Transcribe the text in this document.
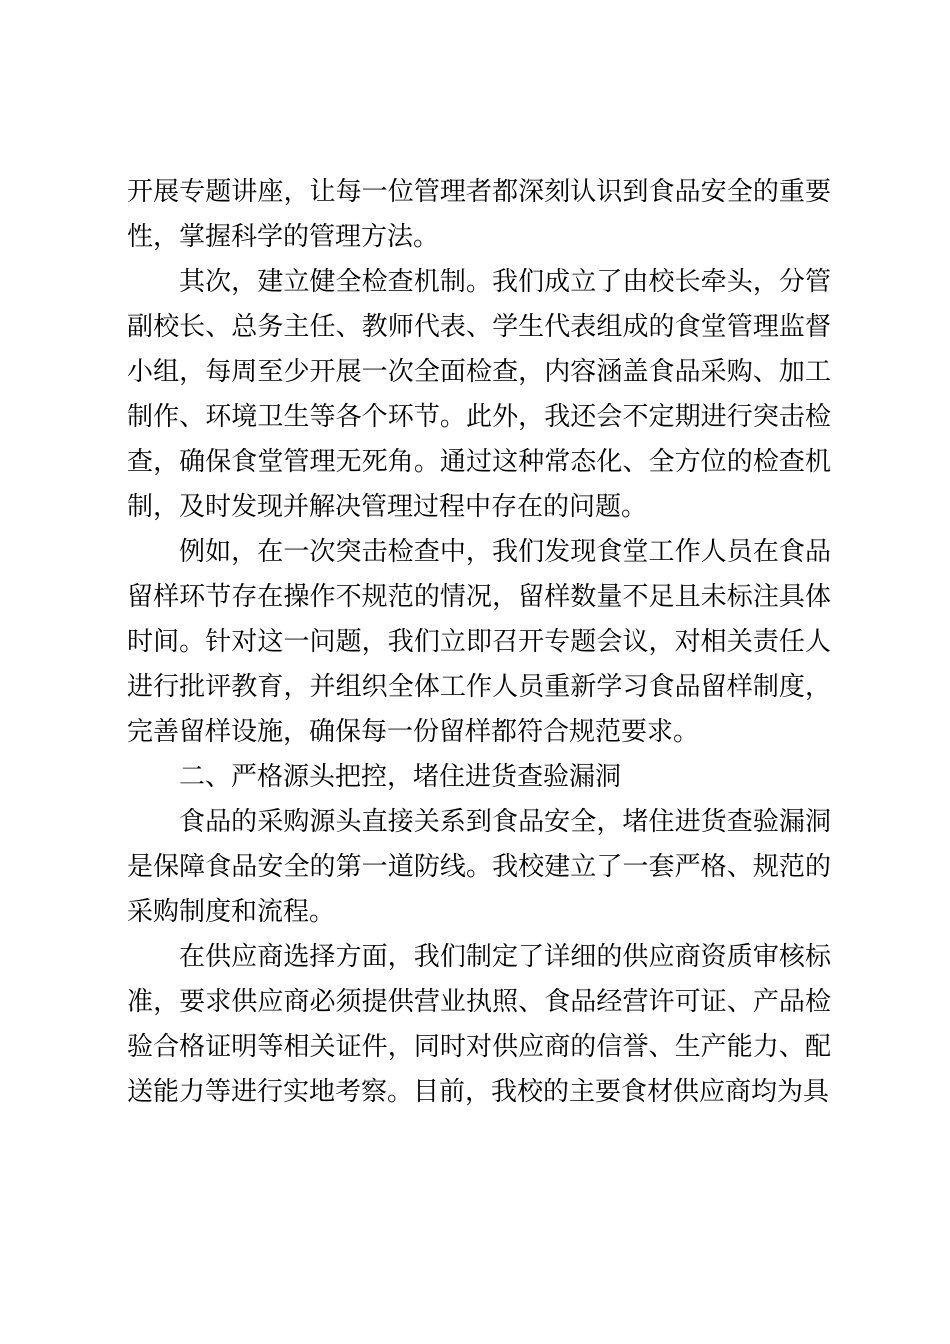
开展专题讲座，让每一位管理者都深刻认识到食品安全的重要性，掌握科学的管理方法。

其次，建立健全检查机制。我们成立了由校长牵头，分管副校长、总务主任、教师代表、学生代表组成的食堂管理监督小组，每周至少开展一次全面检查，内容涵盖食品采购、加工制作、环境卫生等各个环节。此外，我还会不定期进行突击检查，确保食堂管理无死角。通过这种常态化、全方位的检查机制，及时发现并解决管理过程中存在的问题。

例如，在一次突击检查中，我们发现食堂工作人员在食品留样环节存在操作不规范的情况，留样数量不足且未标注具体时间。针对这一问题，我们立即召开专题会议，对相关责任人进行批评教育，并组织全体工作人员重新学习食品留样制度，完善留样设施，确保每一份留样都符合规范要求。

二、严格源头把控，堵住进货查验漏洞

食品的采购源头直接关系到食品安全，堵住进货查验漏洞是保障食品安全的第一道防线。我校建立了一套严格、规范的采购制度和流程。

在供应商选择方面，我们制定了详细的供应商资质审核标准，要求供应商必须提供营业执照、食品经营许可证、产品检验合格证明等相关证件，同时对供应商的信誉、生产能力、配送能力等进行实地考察。目前，我校的主要食材供应商均为具
